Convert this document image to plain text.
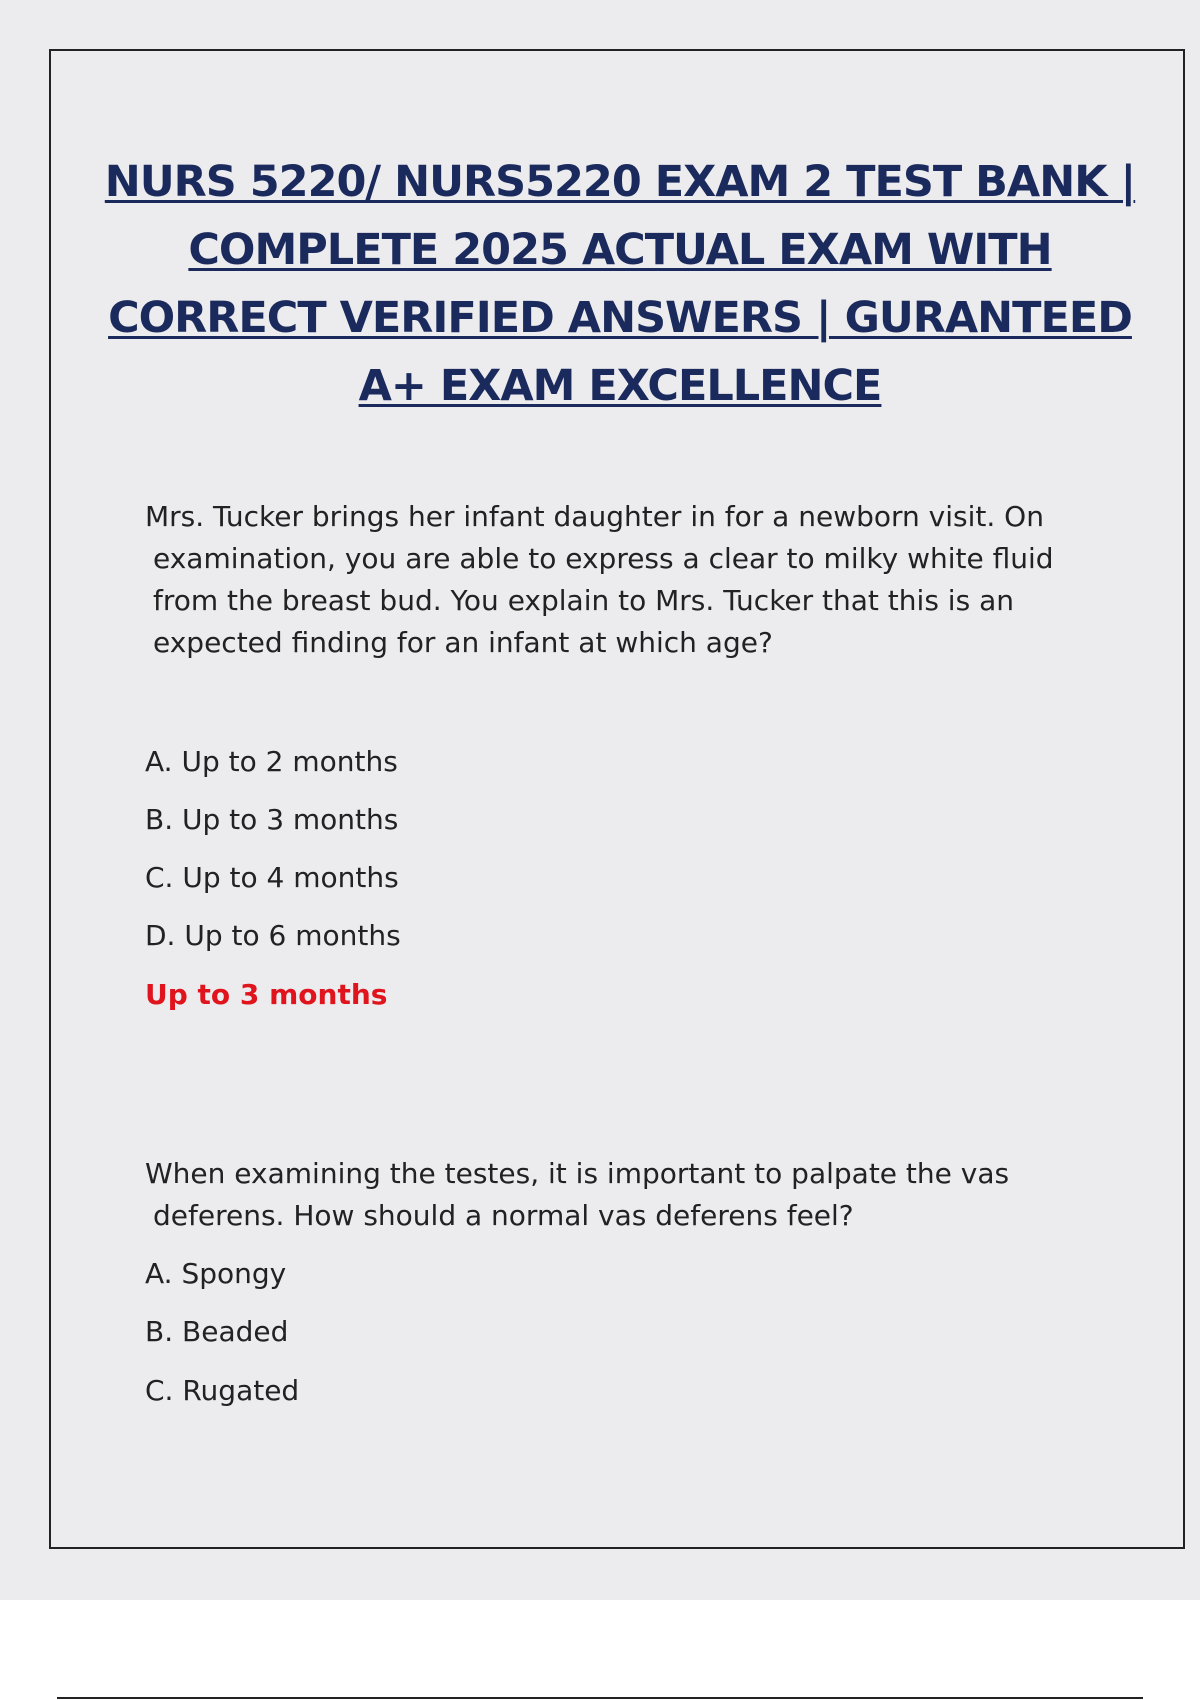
NURS 5220/ NURS5220 EXAM 2 TEST BANK | COMPLETE 2025 ACTUAL EXAM WITH CORRECT VERIFIED ANSWERS | GURANTEED A+ EXAM EXCELLENCE

Mrs. Tucker brings her infant daughter in for a newborn visit. On examination, you are able to express a clear to milky white fluid from the breast bud. You explain to Mrs. Tucker that this is an expected finding for an infant at which age?

A. Up to 2 months

B. Up to 3 months

C. Up to 4 months

D. Up to 6 months

Up to 3 months

When examining the testes, it is important to palpate the vas deferens. How should a normal vas deferens feel?

A. Spongy

B. Beaded

C. Rugated
